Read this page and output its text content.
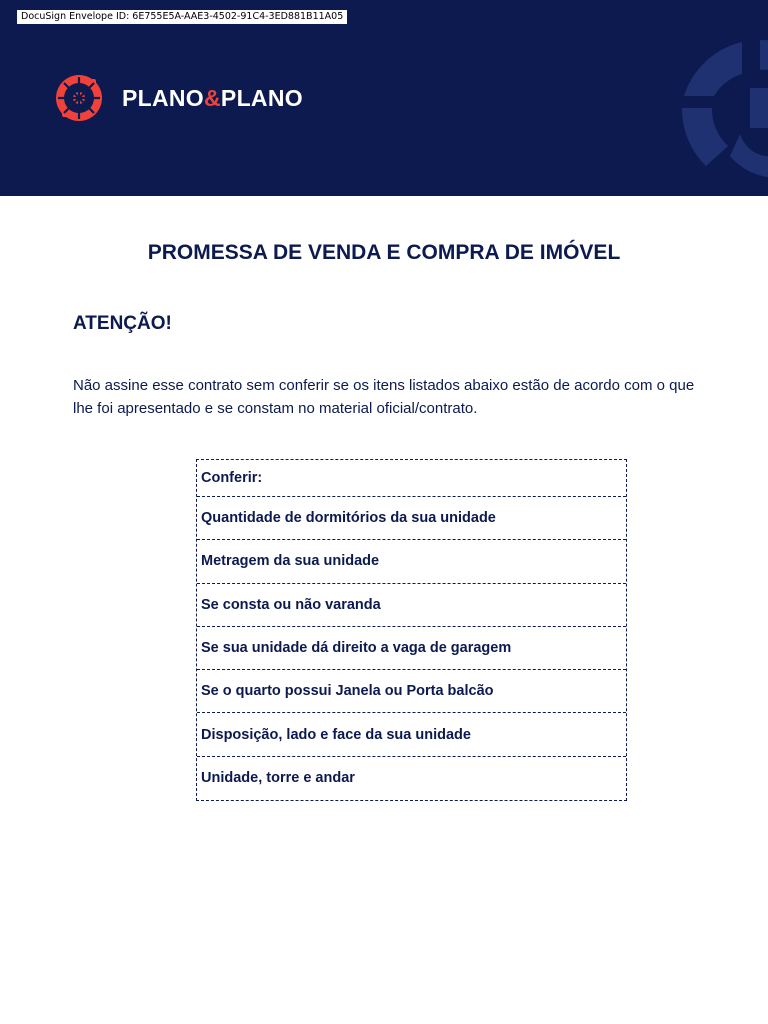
DocuSign Envelope ID: 6E755E5A-AAE3-4502-91C4-3ED881B11A05
PLANO&PLANO
PROMESSA DE VENDA E COMPRA DE IMÓVEL
ATENÇÃO!

Não assine esse contrato sem conferir se os itens listados abaixo estão de acordo com o que lhe foi apresentado e se constam no material oficial/contrato.

Conferir:
Quantidade de dormitórios da sua unidade
Metragem da sua unidade
Se consta ou não varanda
Se sua unidade dá direito a vaga de garagem
Se o quarto possui Janela ou Porta balcão
Disposição, lado e face da sua unidade
Unidade, torre e andar
